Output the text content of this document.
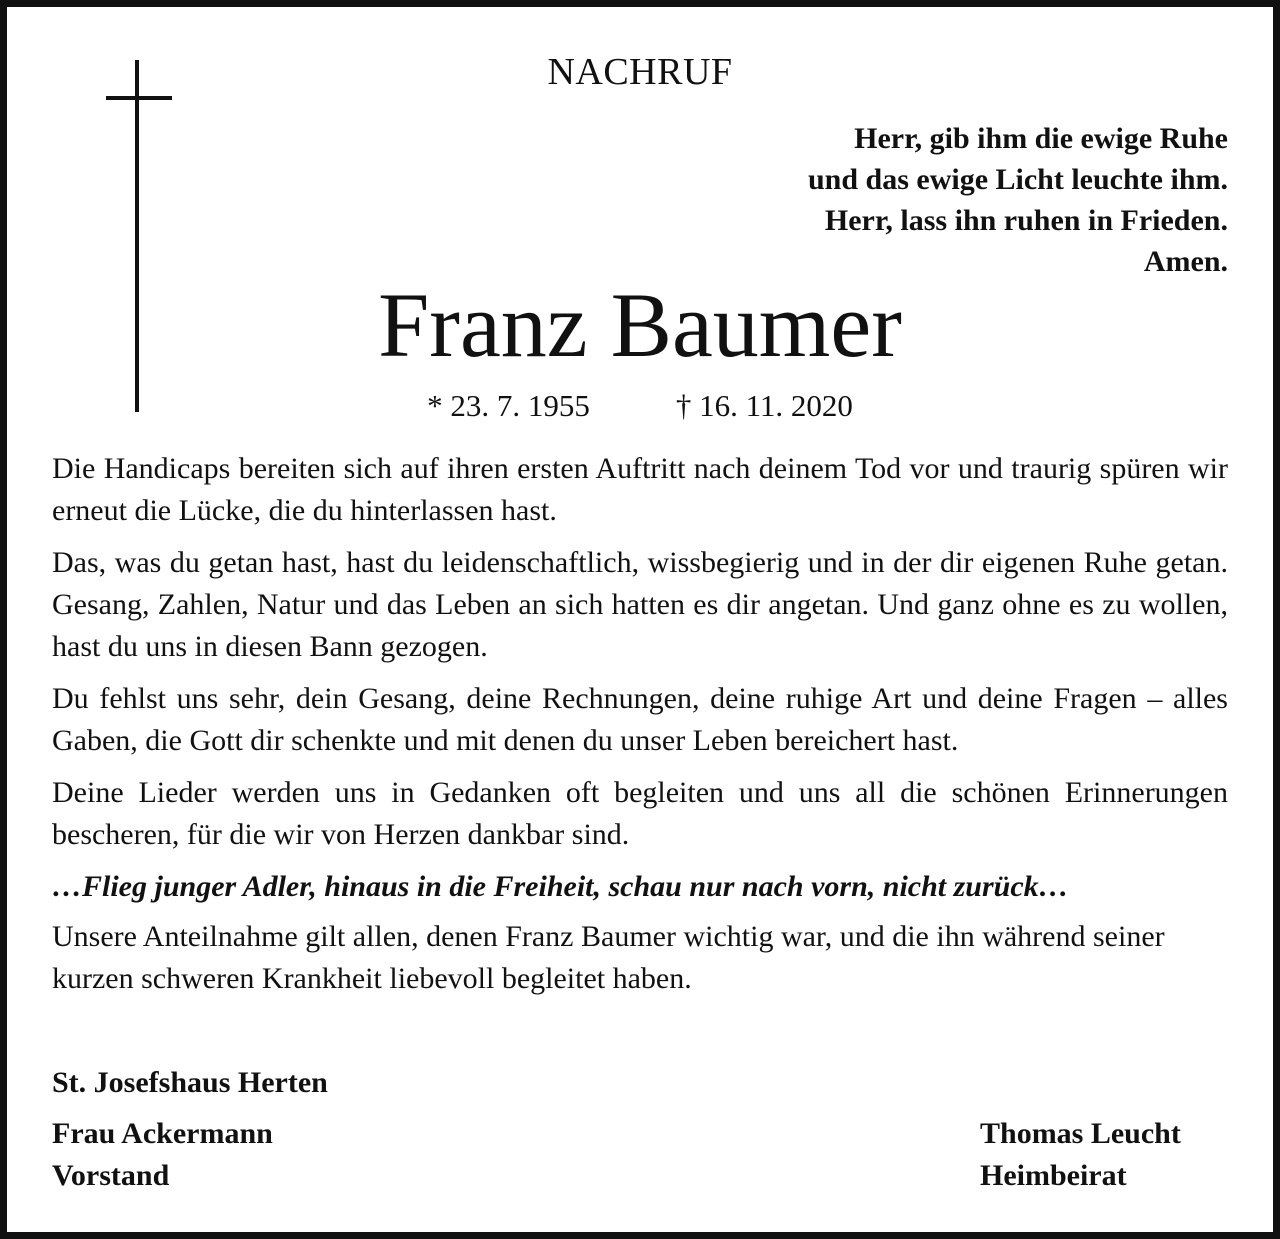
NACHRUF
Herr, gib ihm die ewige Ruhe
und das ewige Licht leuchte ihm.
Herr, lass ihn ruhen in Frieden.
Amen.
Franz Baumer
* 23. 7. 1955	† 16. 11. 2020

Die Handicaps bereiten sich auf ihren ersten Auftritt nach deinem Tod vor und traurig spüren wir erneut die Lücke, die du hinterlassen hast.

Das, was du getan hast, hast du leidenschaftlich, wissbegierig und in der dir eigenen Ruhe getan. Gesang, Zahlen, Natur und das Leben an sich hatten es dir angetan. Und ganz ohne es zu wollen, hast du uns in diesen Bann gezogen.

Du fehlst uns sehr, dein Gesang, deine Rechnungen, deine ruhige Art und deine Fragen – alles Gaben, die Gott dir schenkte und mit denen du unser Leben bereichert hast.

Deine Lieder werden uns in Gedanken oft begleiten und uns all die schönen Erinnerungen bescheren, für die wir von Herzen dankbar sind.

…Flieg junger Adler, hinaus in die Freiheit, schau nur nach vorn, nicht zurück…

Unsere Anteilnahme gilt allen, denen Franz Baumer wichtig war, und die ihn während seiner kurzen schweren Krankheit liebevoll begleitet haben.

St. Josefshaus Herten
Frau Ackermann
Vorstand
Thomas Leucht
Heimbeirat
